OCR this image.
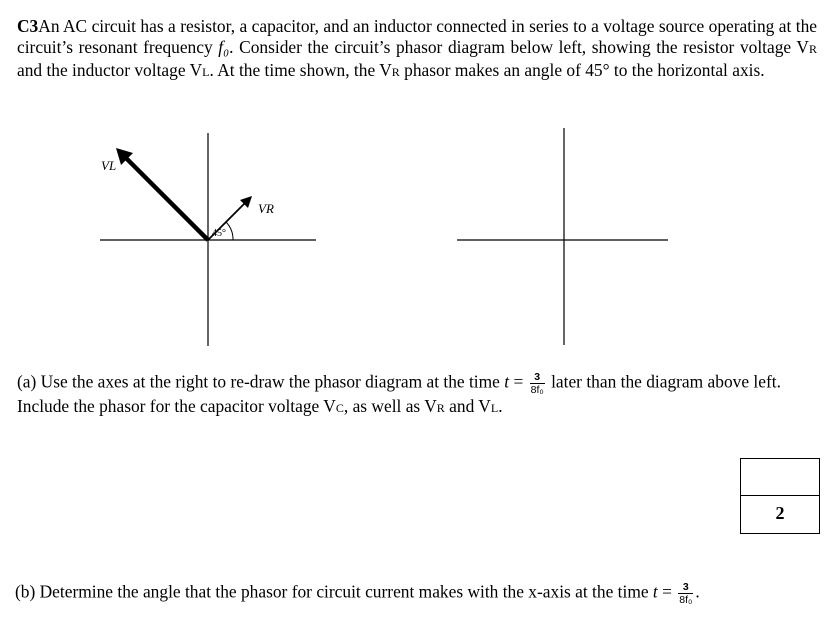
C3An AC circuit has a resistor, a capacitor, and an inductor connected in series to a voltage source operating at the circuit’s resonant frequency f₀. Consider the circuit’s phasor diagram below left, showing the resistor voltage VR and the inductor voltage VL. At the time shown, the VR phasor makes an angle of 45° to the horizontal axis.

VL
VR
45°

(a) Use the axes at the right to re-draw the phasor diagram at the time $t = \frac{3}{\text{8f₀}}$ later than the diagram above left. Include the phasor for the capacitor voltage VC, as well as VR and VL.

2

(b) Determine the angle that the phasor for circuit current makes with the x-axis at the time $t = \frac{3}{\text{8f₀}}$ .
